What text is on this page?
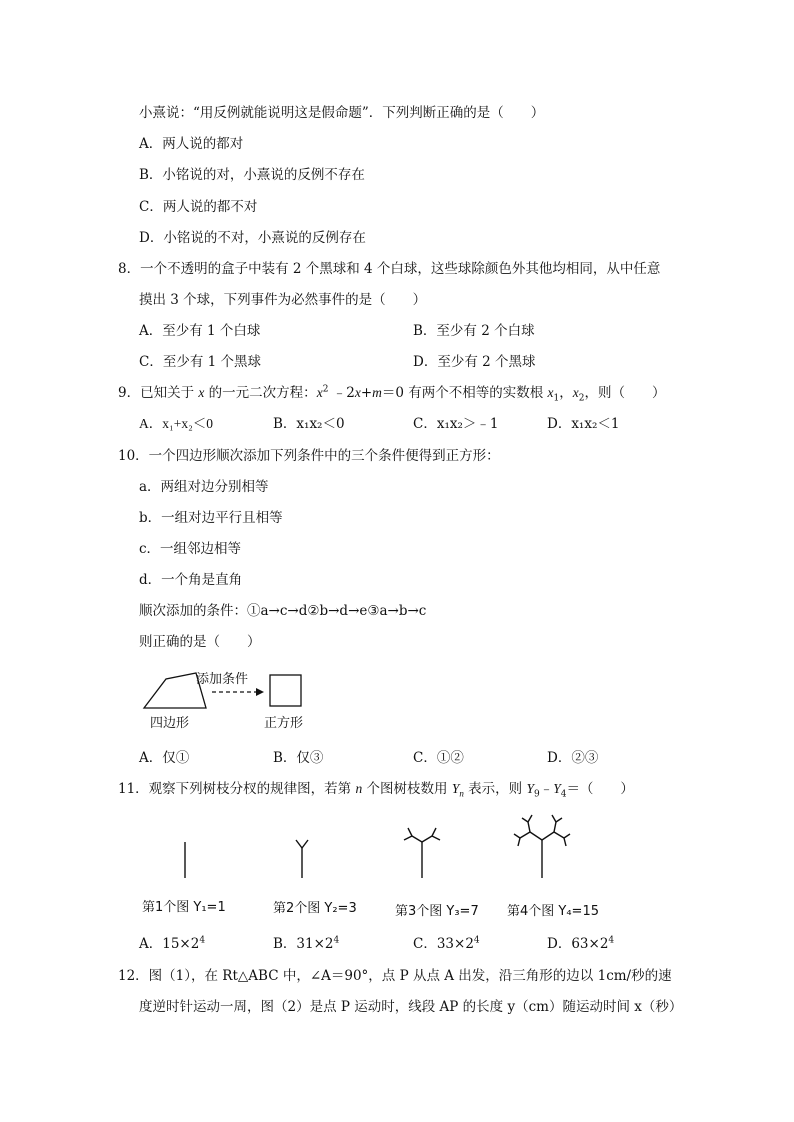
小熹说：“用反例就能说明这是假命题”．下列判断正确的是（　　）
A．两人说的都对
B．小铭说的对，小熹说的反例不存在
C．两人说的都不对
D．小铭说的不对，小熹说的反例存在
8．一个不透明的盒子中装有 2 个黑球和 4 个白球，这些球除颜色外其他均相同，从中任意
摸出 3 个球，下列事件为必然事件的是（　　）
A．至少有 1 个白球	B．至少有 2 个白球
C．至少有 1 个黑球	D．至少有 2 个黑球
9．已知关于 x 的一元二次方程：$x^2$ ﹣2x+m＝0 有两个不相等的实数根 $x_1$，$x_2$，则（　　）
A．x₁+x₂＜0	B．x₁x₂＜0	C．x₁x₂＞﹣1	D．x₁x₂＜1
10．一个四边形顺次添加下列条件中的三个条件便得到正方形：
a．两组对边分别相等
b．一组对边平行且相等
c．一组邻边相等
d．一个角是直角
顺次添加的条件：①a→c→d②b→d→e③a→b→c
则正确的是（　　）
添加条件
四边形	正方形
A．仅①	B．仅③	C．①②	D．②③
11．观察下列树枝分杈的规律图，若第 n 个图树枝数用 $Y_n$ 表示，则 $Y_9﹣Y_4=$（　　）
第1个图 Y₁=1	第2个图 Y₂=3	第3个图 Y₃=7 第4个图 Y₄=15
A．$15\times 2^4$	B．$31\times 2^4$	C．$33\times 2^4$	D．$63\times 2^4$
12．图（1），在 Rt△ABC 中，∠A＝90°，点 P 从点 A 出发，沿三角形的边以 1cm/秒的速
度逆时针运动一周，图（2）是点 P 运动时，线段 AP 的长度 y（cm）随运动时间 x（秒）
